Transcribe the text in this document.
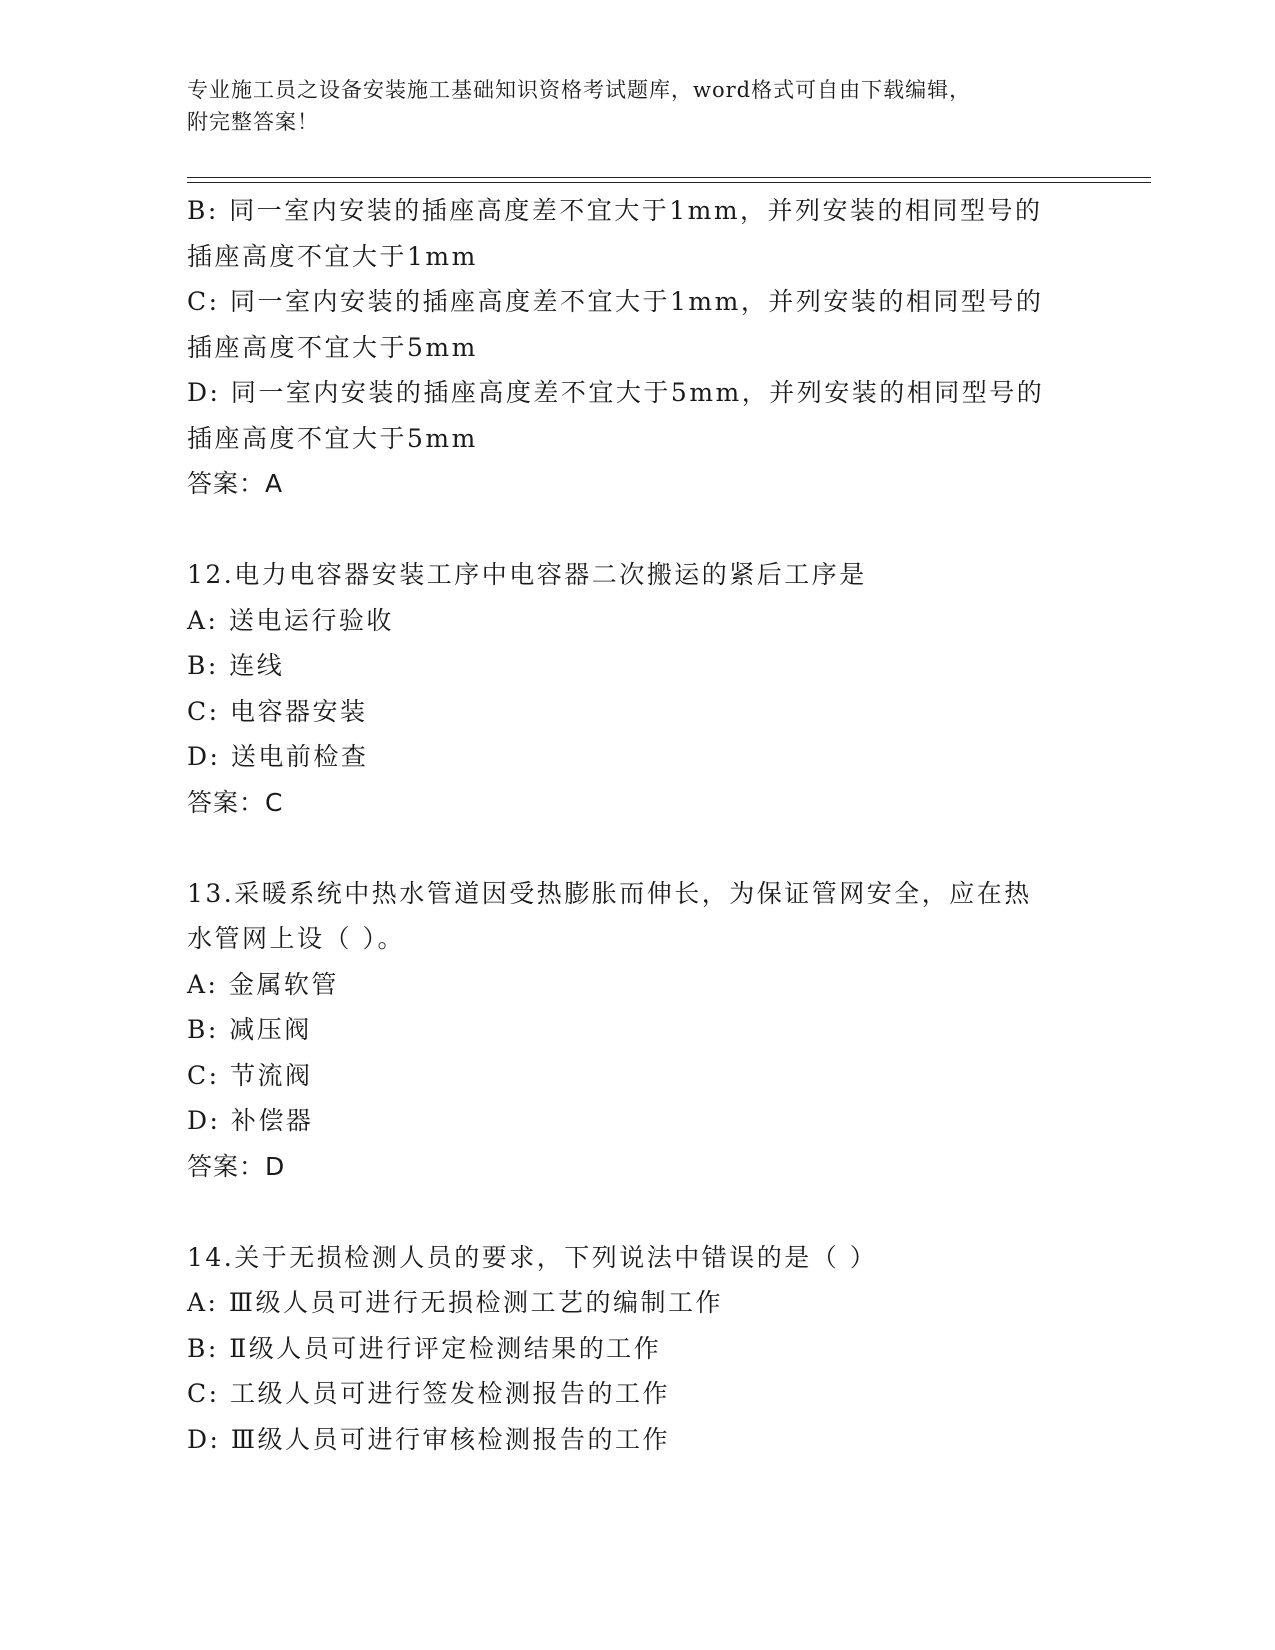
专业施工员之设备安装施工基础知识资格考试题库，word格式可自由下载编辑，
附完整答案！
B: 同一室内安装的插座高度差不宜大于1mm，并列安装的相同型号的
插座高度不宜大于1mm
C: 同一室内安装的插座高度差不宜大于1mm，并列安装的相同型号的
插座高度不宜大于5mm
D: 同一室内安装的插座高度差不宜大于5mm，并列安装的相同型号的
插座高度不宜大于5mm
答案：A
12.电力电容器安装工序中电容器二次搬运的紧后工序是
A: 送电运行验收
B: 连线
C: 电容器安装
D: 送电前检查
答案：C
13.采暖系统中热水管道因受热膨胀而伸长，为保证管网安全，应在热
水管网上设（ ）。
A: 金属软管
B: 减压阀
C: 节流阀
D: 补偿器
答案：D
14.关于无损检测人员的要求，下列说法中错误的是（ ）
A: Ⅲ级人员可进行无损检测工艺的编制工作
B: Ⅱ级人员可进行评定检测结果的工作
C: 工级人员可进行签发检测报告的工作
D: Ⅲ级人员可进行审核检测报告的工作
